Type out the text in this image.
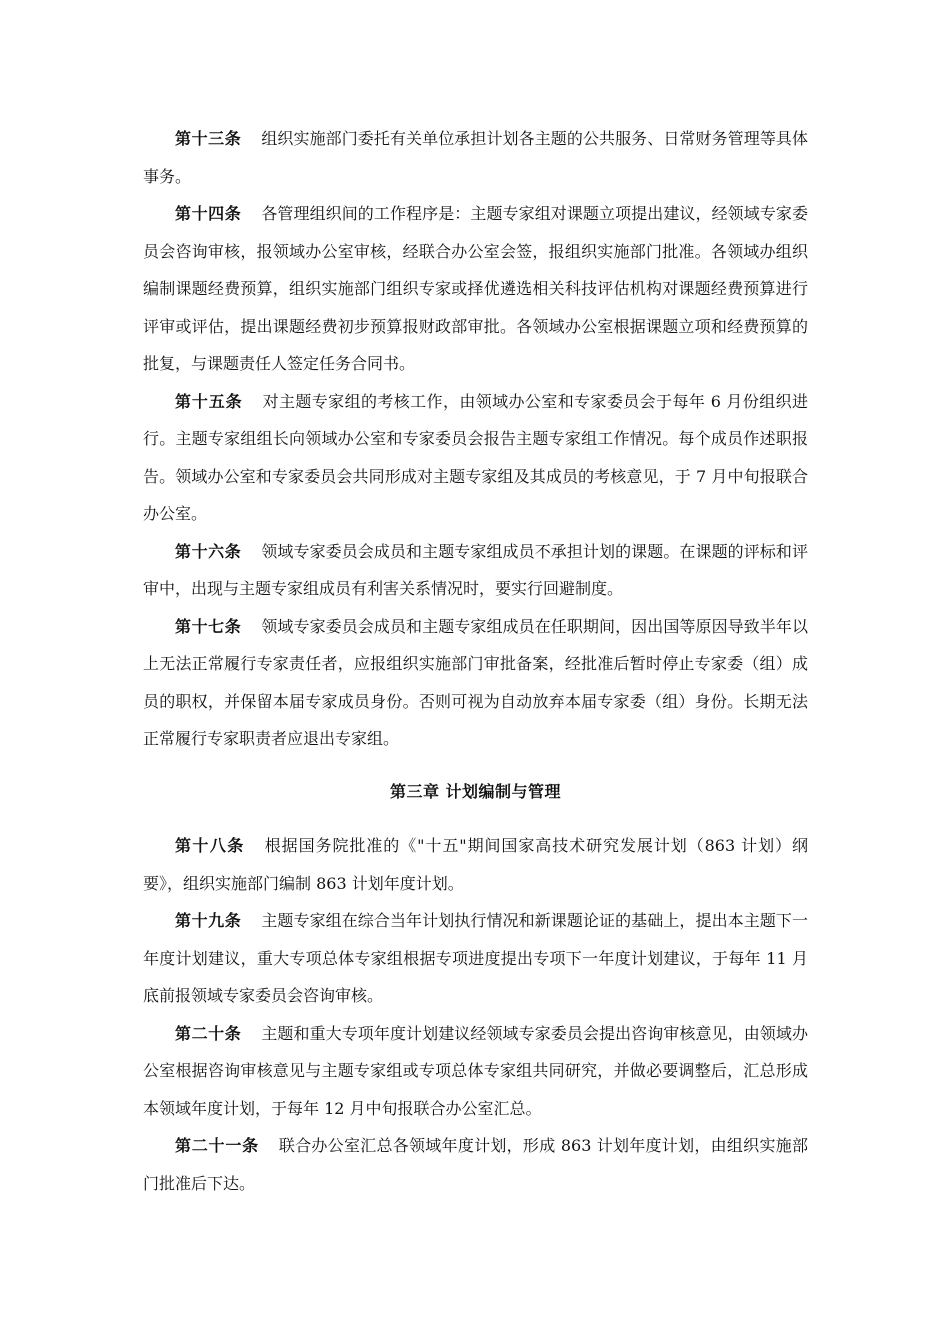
第十三条 组织实施部门委托有关单位承担计划各主题的公共服务、日常财务管理等具体事务。

第十四条 各管理组织间的工作程序是：主题专家组对课题立项提出建议，经领域专家委员会咨询审核，报领域办公室审核，经联合办公室会签，报组织实施部门批准。各领域办组织编制课题经费预算，组织实施部门组织专家或择优遴选相关科技评估机构对课题经费预算进行评审或评估，提出课题经费初步预算报财政部审批。各领域办公室根据课题立项和经费预算的批复，与课题责任人签定任务合同书。

第十五条 对主题专家组的考核工作，由领域办公室和专家委员会于每年 6 月份组织进行。主题专家组组长向领域办公室和专家委员会报告主题专家组工作情况。每个成员作述职报告。领域办公室和专家委员会共同形成对主题专家组及其成员的考核意见，于 7 月中旬报联合办公室。

第十六条 领域专家委员会成员和主题专家组成员不承担计划的课题。在课题的评标和评审中，出现与主题专家组成员有利害关系情况时，要实行回避制度。

第十七条 领域专家委员会成员和主题专家组成员在任职期间，因出国等原因导致半年以上无法正常履行专家责任者，应报组织实施部门审批备案，经批准后暂时停止专家委（组）成员的职权，并保留本届专家成员身份。否则可视为自动放弃本届专家委（组）身份。长期无法正常履行专家职责者应退出专家组。

第三章 计划编制与管理

第十八条 根据国务院批准的《"十五"期间国家高技术研究发展计划（863 计划）纲要》，组织实施部门编制 863 计划年度计划。

第十九条 主题专家组在综合当年计划执行情况和新课题论证的基础上，提出本主题下一年度计划建议，重大专项总体专家组根据专项进度提出专项下一年度计划建议，于每年 11 月底前报领域专家委员会咨询审核。

第二十条 主题和重大专项年度计划建议经领域专家委员会提出咨询审核意见，由领域办公室根据咨询审核意见与主题专家组或专项总体专家组共同研究，并做必要调整后，汇总形成本领域年度计划，于每年 12 月中旬报联合办公室汇总。

第二十一条 联合办公室汇总各领域年度计划，形成 863 计划年度计划，由组织实施部门批准后下达。
